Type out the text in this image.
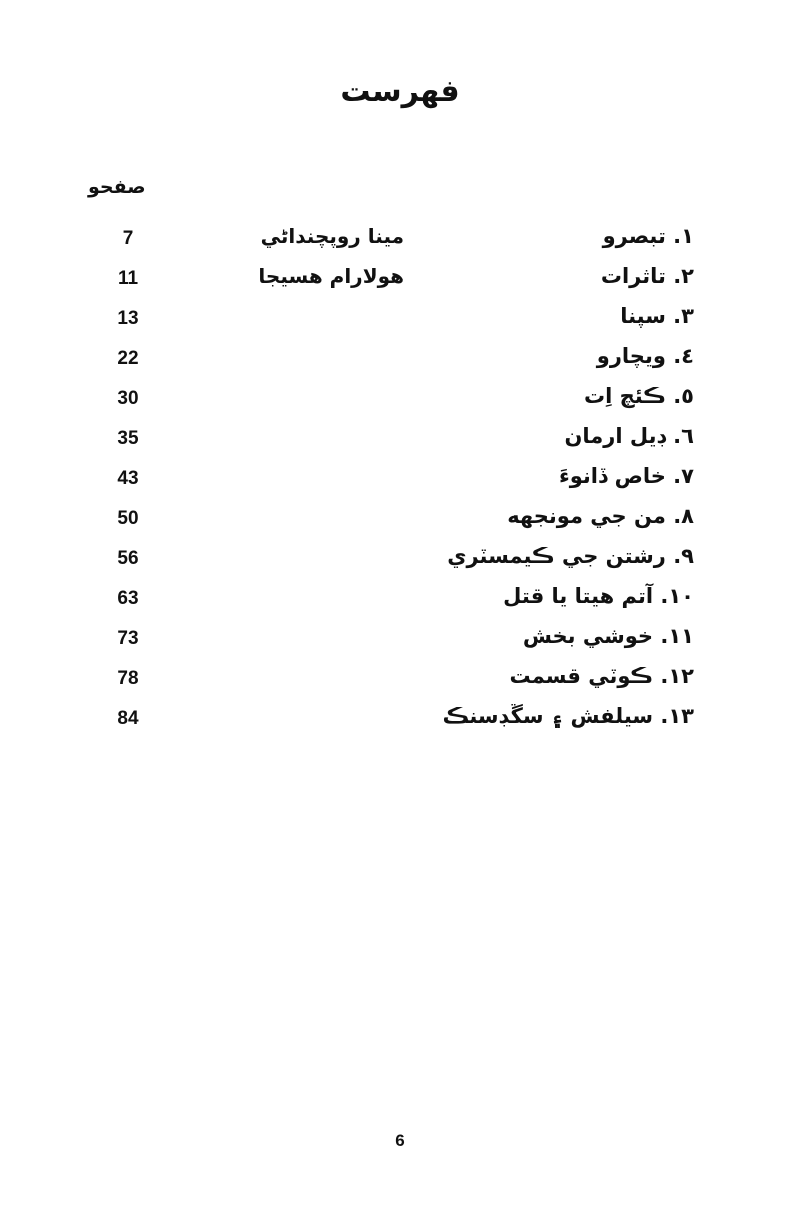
فهرست
صفحو
7	مينا روپچنداڻي	١. تبصرو
11	هولارام هسيجا	٢. تاثرات
13	٣. سپنا
22	٤. ويچارو
30	٥. ڪئچ اِت
35	٦. ڊيل ارمان
43	٧. خاص ڏانوءَ
50	٨. من جي مونجهه
56	٩. رشتن جي ڪيمسٽري
63	١٠. آتم هيتا يا قتل
73	١١. خوشي بخش
78	١٢. ڪوٽي قسمت
84	١٣. سيلفش ۽ سڱڊسنڪ
6
